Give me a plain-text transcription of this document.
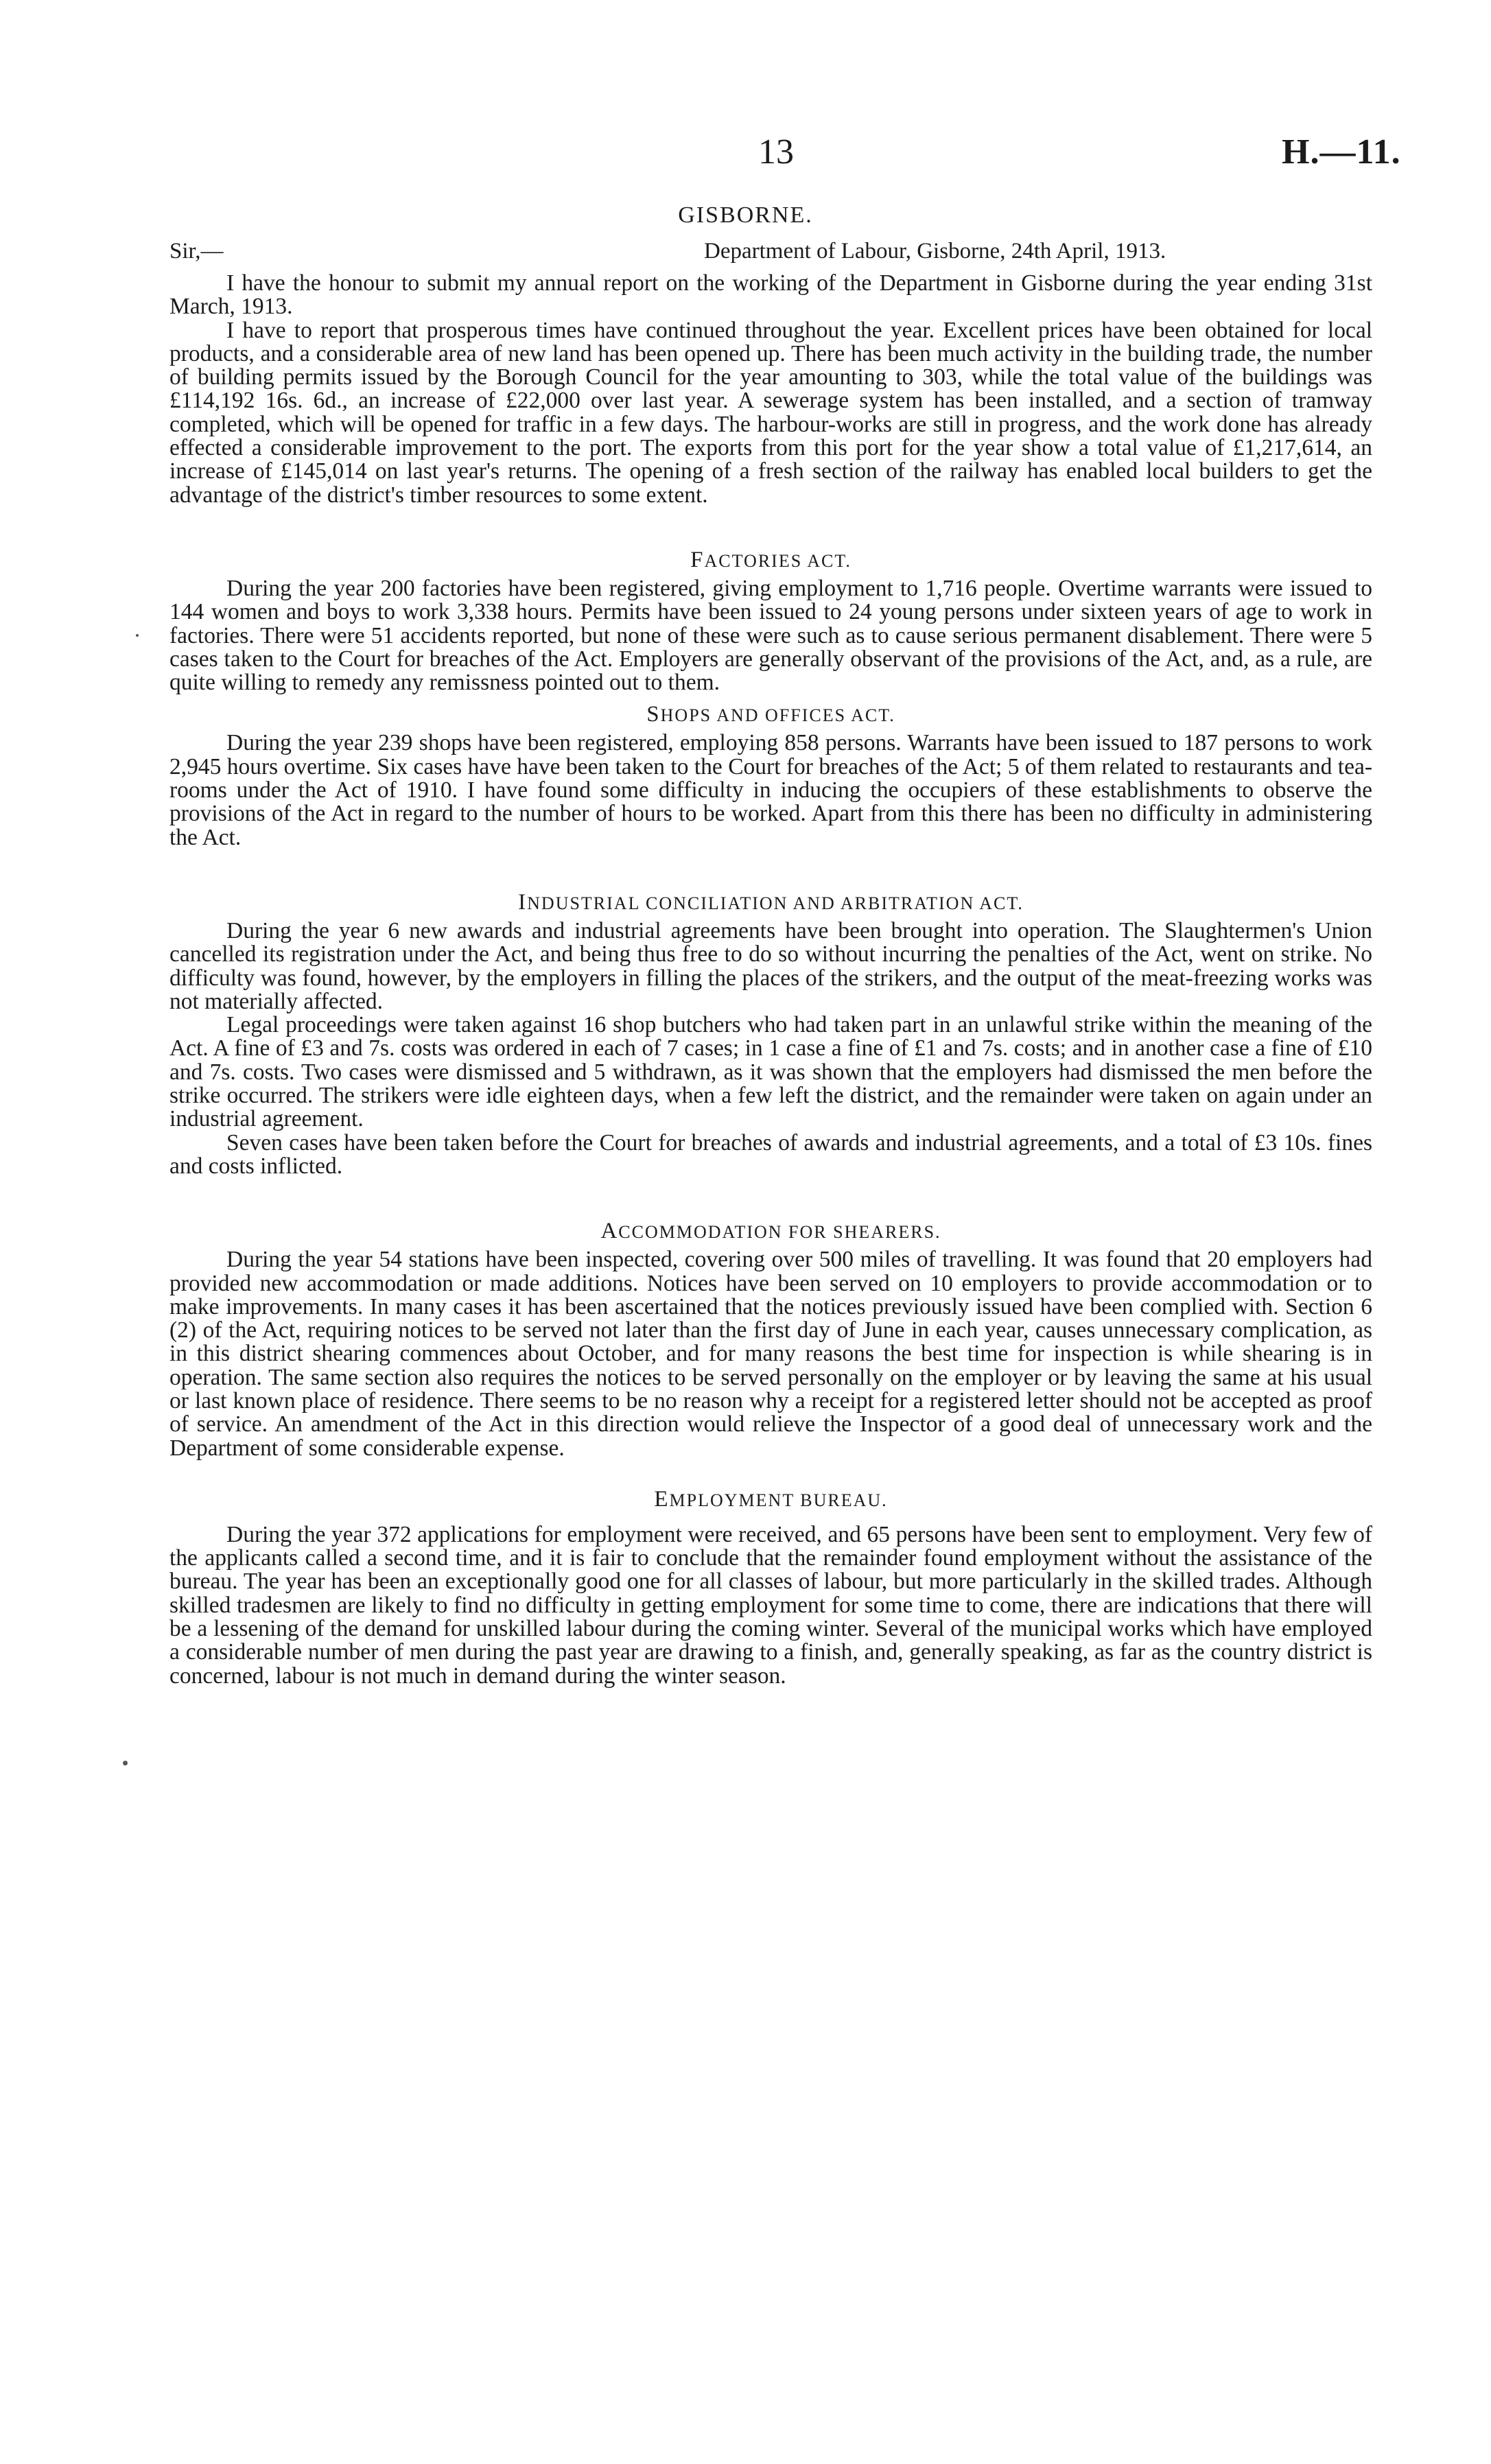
13	H.—11.
GISBORNE.
Sir,—	Department of Labour, Gisborne, 24th April, 1913.

I have the honour to submit my annual report on the working of the Department in Gisborne during the year ending 31st March, 1913.

I have to report that prosperous times have continued throughout the year. Excellent prices have been obtained for local products, and a considerable area of new land has been opened up. There has been much activity in the building trade, the number of building permits issued by the Borough Council for the year amounting to 303, while the total value of the buildings was £114,192 16s. 6d., an increase of £22,000 over last year. A sewerage system has been installed, and a section of tramway completed, which will be opened for traffic in a few days. The harbour-works are still in progress, and the work done has already effected a considerable improvement to the port. The exports from this port for the year show a total value of £1,217,614, an increase of £145,014 on last year's returns. The opening of a fresh section of the railway has enabled local builders to get the advantage of the district's timber resources to some extent.

FACTORIES ACT.

During the year 200 factories have been registered, giving employment to 1,716 people. Overtime warrants were issued to 144 women and boys to work 3,338 hours. Permits have been issued to 24 young persons under sixteen years of age to work in factories. There were 51 accidents reported, but none of these were such as to cause serious permanent disablement. There were 5 cases taken to the Court for breaches of the Act. Employers are generally observant of the provisions of the Act, and, as a rule, are quite willing to remedy any remissness pointed out to them.

SHOPS AND OFFICES ACT.

During the year 239 shops have been registered, employing 858 persons. Warrants have been issued to 187 persons to work 2,945 hours overtime. Six cases have have been taken to the Court for breaches of the Act; 5 of them related to restaurants and tea-rooms under the Act of 1910. I have found some difficulty in inducing the occupiers of these establishments to observe the provisions of the Act in regard to the number of hours to be worked. Apart from this there has been no difficulty in administering the Act.

INDUSTRIAL CONCILIATION AND ARBITRATION ACT.

During the year 6 new awards and industrial agreements have been brought into operation. The Slaughtermen's Union cancelled its registration under the Act, and being thus free to do so without incurring the penalties of the Act, went on strike. No difficulty was found, however, by the employers in filling the places of the strikers, and the output of the meat-freezing works was not materially affected.

Legal proceedings were taken against 16 shop butchers who had taken part in an unlawful strike within the meaning of the Act. A fine of £3 and 7s. costs was ordered in each of 7 cases; in 1 case a fine of £1 and 7s. costs; and in another case a fine of £10 and 7s. costs. Two cases were dismissed and 5 withdrawn, as it was shown that the employers had dismissed the men before the strike occurred. The strikers were idle eighteen days, when a few left the district, and the remainder were taken on again under an industrial agreement.

Seven cases have been taken before the Court for breaches of awards and industrial agreements, and a total of £3 10s. fines and costs inflicted.

ACCOMMODATION FOR SHEARERS.

During the year 54 stations have been inspected, covering over 500 miles of travelling. It was found that 20 employers had provided new accommodation or made additions. Notices have been served on 10 employers to provide accommodation or to make improvements. In many cases it has been ascertained that the notices previously issued have been complied with. Section 6 (2) of the Act, requiring notices to be served not later than the first day of June in each year, causes unnecessary complication, as in this district shearing commences about October, and for many reasons the best time for inspection is while shearing is in operation. The same section also requires the notices to be served personally on the employer or by leaving the same at his usual or last known place of residence. There seems to be no reason why a receipt for a registered letter should not be accepted as proof of service. An amendment of the Act in this direction would relieve the Inspector of a good deal of unnecessary work and the Department of some considerable expense.

EMPLOYMENT BUREAU.

During the year 372 applications for employment were received, and 65 persons have been sent to employment. Very few of the applicants called a second time, and it is fair to conclude that the remainder found employment without the assistance of the bureau. The year has been an exceptionally good one for all classes of labour, but more particularly in the skilled trades. Although skilled tradesmen are likely to find no difficulty in getting employment for some time to come, there are indications that there will be a lessening of the demand for unskilled labour during the coming winter. Several of the municipal works which have employed a considerable number of men during the past year are drawing to a finish, and, generally speaking, as far as the country district is concerned, labour is not much in demand during the winter season.
